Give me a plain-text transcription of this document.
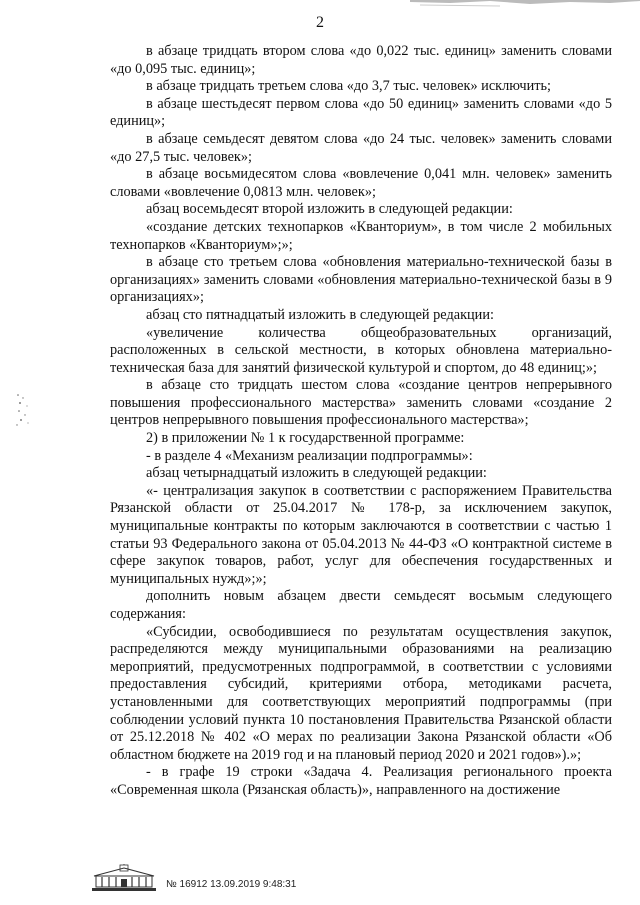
2

в абзаце тридцать втором слова «до 0,022 тыс. единиц» заменить словами «до 0,095 тыс. единиц»;

в абзаце тридцать третьем слова «до 3,7 тыс. человек» исключить;

в абзаце шестьдесят первом слова «до 50 единиц» заменить словами «до 5 единиц»;

в абзаце семьдесят девятом слова «до 24 тыс. человек» заменить словами «до 27,5 тыс. человек»;

в абзаце восьмидесятом слова «вовлечение 0,041 млн. человек» заменить словами «вовлечение 0,0813 млн. человек»;

абзац восемьдесят второй изложить в следующей редакции:

«создание детских технопарков «Кванториум», в том числе 2 мобильных технопарков «Кванториум»;»;

в абзаце сто третьем слова «обновления материально-технической базы в организациях» заменить словами «обновления материально-технической базы в 9 организациях»;

абзац сто пятнадцатый изложить в следующей редакции:

«увеличение количества общеобразовательных организаций, расположенных в сельской местности, в которых обновлена материально-техническая база для занятий физической культурой и спортом, до 48 единиц;»;

в абзаце сто тридцать шестом слова «создание центров непрерывного повышения профессионального мастерства» заменить словами «создание 2 центров непрерывного повышения профессионального мастерства»;

2) в приложении № 1 к государственной программе:

- в разделе 4 «Механизм реализации подпрограммы»:

абзац четырнадцатый изложить в следующей редакции:

«- централизация закупок в соответствии с распоряжением Правительства Рязанской области от 25.04.2017 № 178-р, за исключением закупок, муниципальные контракты по которым заключаются в соответствии с частью 1 статьи 93 Федерального закона от 05.04.2013 № 44-ФЗ «О контрактной системе в сфере закупок товаров, работ, услуг для обеспечения государственных и муниципальных нужд»;»;

дополнить новым абзацем двести семьдесят восьмым следующего содержания:

«Субсидии, освободившиеся по результатам осуществления закупок, распределяются между муниципальными образованиями на реализацию мероприятий, предусмотренных подпрограммой, в соответствии с условиями предоставления субсидий, критериями отбора, методиками расчета, установленными для соответствующих мероприятий подпрограммы (при соблюдении условий пункта 10 постановления Правительства Рязанской области от 25.12.2018 № 402 «О мерах по реализации Закона Рязанской области «Об областном бюджете на 2019 год и на плановый период 2020 и 2021 годов»).»;

- в графе 19 строки «Задача 4. Реализация регионального проекта «Современная школа (Рязанская область)», направленного на достижение

№ 16912 13.09.2019 9:48:31
